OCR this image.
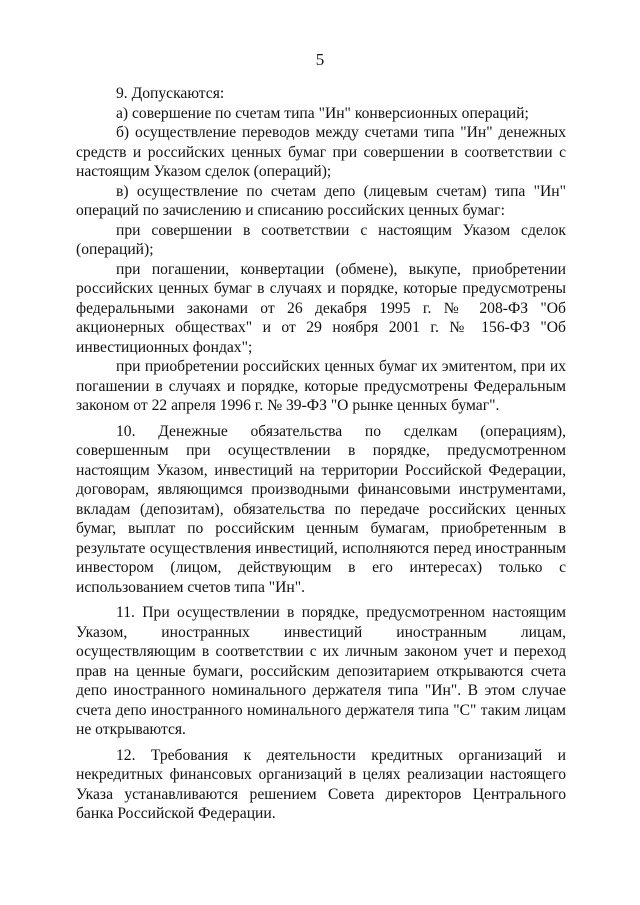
5

9. Допускаются:

а) совершение по счетам типа "Ин" конверсионных операций;

б) осуществление переводов между счетами типа "Ин" денежных средств и российских ценных бумаг при совершении в соответствии с настоящим Указом сделок (операций);

в) осуществление по счетам депо (лицевым счетам) типа "Ин" операций по зачислению и списанию российских ценных бумаг:

при совершении в соответствии с настоящим Указом сделок (операций);

при погашении, конвертации (обмене), выкупе, приобретении российских ценных бумаг в случаях и порядке, которые предусмотрены федеральными законами от 26 декабря 1995 г. № 208-ФЗ "Об акционерных обществах" и от 29 ноября 2001 г. № 156-ФЗ "Об инвестиционных фондах";

при приобретении российских ценных бумаг их эмитентом, при их погашении в случаях и порядке, которые предусмотрены Федеральным законом от 22 апреля 1996 г. № 39-ФЗ "О рынке ценных бумаг".

10. Денежные обязательства по сделкам (операциям), совершенным при осуществлении в порядке, предусмотренном настоящим Указом, инвестиций на территории Российской Федерации, договорам, являющимся производными финансовыми инструментами, вкладам (депозитам), обязательства по передаче российских ценных бумаг, выплат по российским ценным бумагам, приобретенным в результате осуществления инвестиций, исполняются перед иностранным инвестором (лицом, действующим в его интересах) только с использованием счетов типа "Ин".

11. При осуществлении в порядке, предусмотренном настоящим Указом, иностранных инвестиций иностранным лицам, осуществляющим в соответствии с их личным законом учет и переход прав на ценные бумаги, российским депозитарием открываются счета депо иностранного номинального держателя типа "Ин". В этом случае счета депо иностранного номинального держателя типа "С" таким лицам не открываются.

12. Требования к деятельности кредитных организаций и некредитных финансовых организаций в целях реализации настоящего Указа устанавливаются решением Совета директоров Центрального банка Российской Федерации.
